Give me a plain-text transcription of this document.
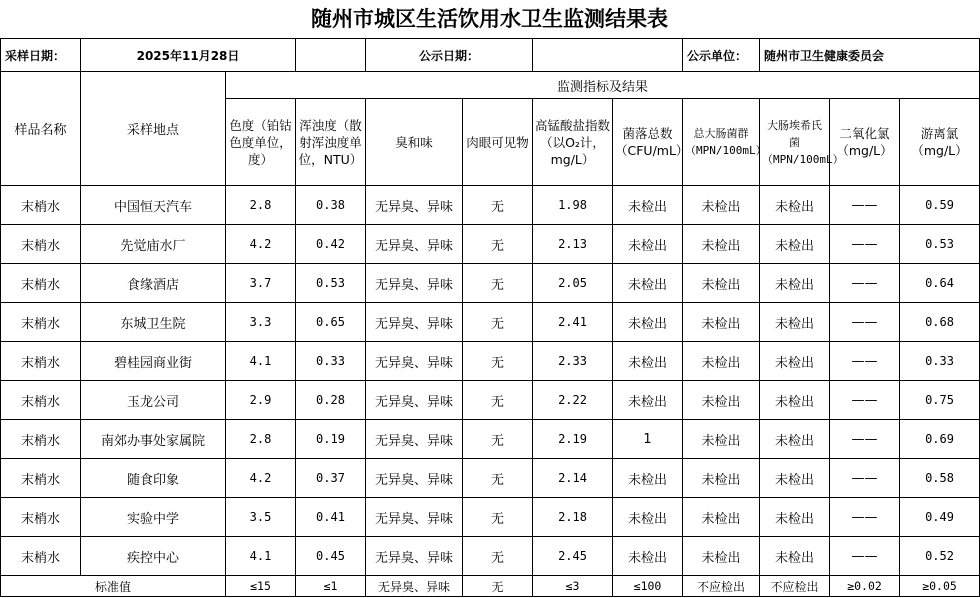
随州市城区生活饮用水卫生监测结果表
采样日期：	2025年11月28日			公示日期：				公示单位：	随州市卫生健康委员会		
样品名称	采样地点	监测指标及结果									
		色度（铂钴色度单位，度）	浑浊度（散射浑浊度单位，NTU）	臭和味	肉眼可见物	高锰酸盐指数（以O₂计，mg/L）	菌落总数（CFU/mL）	总大肠菌群（MPN/100mL）	大肠埃希氏菌（MPN/100mL）	二氧化氯（mg/L）	游离氯（mg/L）
末梢水	中国恒天汽车	2.8	0.38	无异臭、异味	无	1.98	未检出	未检出	未检出	——	0.59
末梢水	先觉庙水厂	4.2	0.42	无异臭、异味	无	2.13	未检出	未检出	未检出	——	0.53
末梢水	食缘酒店	3.7	0.53	无异臭、异味	无	2.05	未检出	未检出	未检出	——	0.64
末梢水	东城卫生院	3.3	0.65	无异臭、异味	无	2.41	未检出	未检出	未检出	——	0.68
末梢水	碧桂园商业街	4.1	0.33	无异臭、异味	无	2.33	未检出	未检出	未检出	——	0.33
末梢水	玉龙公司	2.9	0.28	无异臭、异味	无	2.22	未检出	未检出	未检出	——	0.75
末梢水	南郊办事处家属院	2.8	0.19	无异臭、异味	无	2.19	1	未检出	未检出	——	0.69
末梢水	随食印象	4.2	0.37	无异臭、异味	无	2.14	未检出	未检出	未检出	——	0.58
末梢水	实验中学	3.5	0.41	无异臭、异味	无	2.18	未检出	未检出	未检出	——	0.49
末梢水	疾控中心	4.1	0.45	无异臭、异味	无	2.45	未检出	未检出	未检出	——	0.52
标准值		≤15	≤1	无异臭、异味	无	≤3	≤100	不应检出	不应检出	≥0.02	≥0.05
